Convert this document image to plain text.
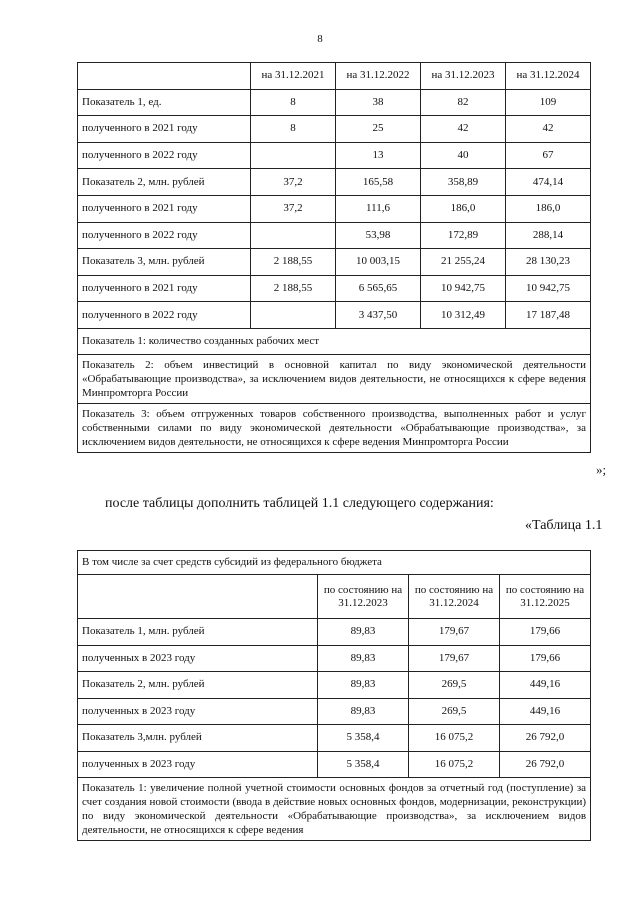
8
	на 31.12.2021	на 31.12.2022	на 31.12.2023	на 31.12.2024
Показатель 1, ед.	8	38	82	109
полученного в 2021 году	8	25	42	42
полученного в 2022 году		13	40	67
Показатель 2, млн. рублей	37,2	165,58	358,89	474,14
полученного в 2021 году	37,2	111,6	186,0	186,0
полученного в 2022 году		53,98	172,89	288,14
Показатель 3, млн. рублей	2 188,55	10 003,15	21 255,24	28 130,23
полученного в 2021 году	2 188,55	6 565,65	10 942,75	10 942,75
полученного в 2022 году		3 437,50	10 312,49	17 187,48
Показатель 1: количество созданных рабочих мест				
Показатель 2: объем инвестиций в основной капитал по виду экономической деятельности «Обрабатывающие производства», за исключением видов деятельности, не относящихся к сфере ведения Минпромторга России				
Показатель 3: объем отгруженных товаров собственного производства, выполненных работ и услуг собственными силами по виду экономической деятельности «Обрабатывающие производства», за исключением видов деятельности, не относящихся к сфере ведения Минпромторга России				
»;
после таблицы дополнить таблицей 1.1 следующего содержания:
«Таблица 1.1
В том числе за счет средств субсидий из федерального бюджета			
	по состоянию на 31.12.2023	по состоянию на 31.12.2024	по состоянию на 31.12.2025
Показатель 1, млн. рублей	89,83	179,67	179,66
полученных в 2023 году	89,83	179,67	179,66
Показатель 2, млн. рублей	89,83	269,5	449,16
полученных в 2023 году	89,83	269,5	449,16
Показатель 3,млн. рублей	5 358,4	16 075,2	26 792,0
полученных в 2023 году	5 358,4	16 075,2	26 792,0
Показатель 1: увеличение полной учетной стоимости основных фондов за отчетный год (поступление) за счет создания новой стоимости (ввода в действие новых основных фондов, модернизации, реконструкции) по виду экономической деятельности «Обрабатывающие производства», за исключением видов деятельности, не относящихся к сфере ведения			
